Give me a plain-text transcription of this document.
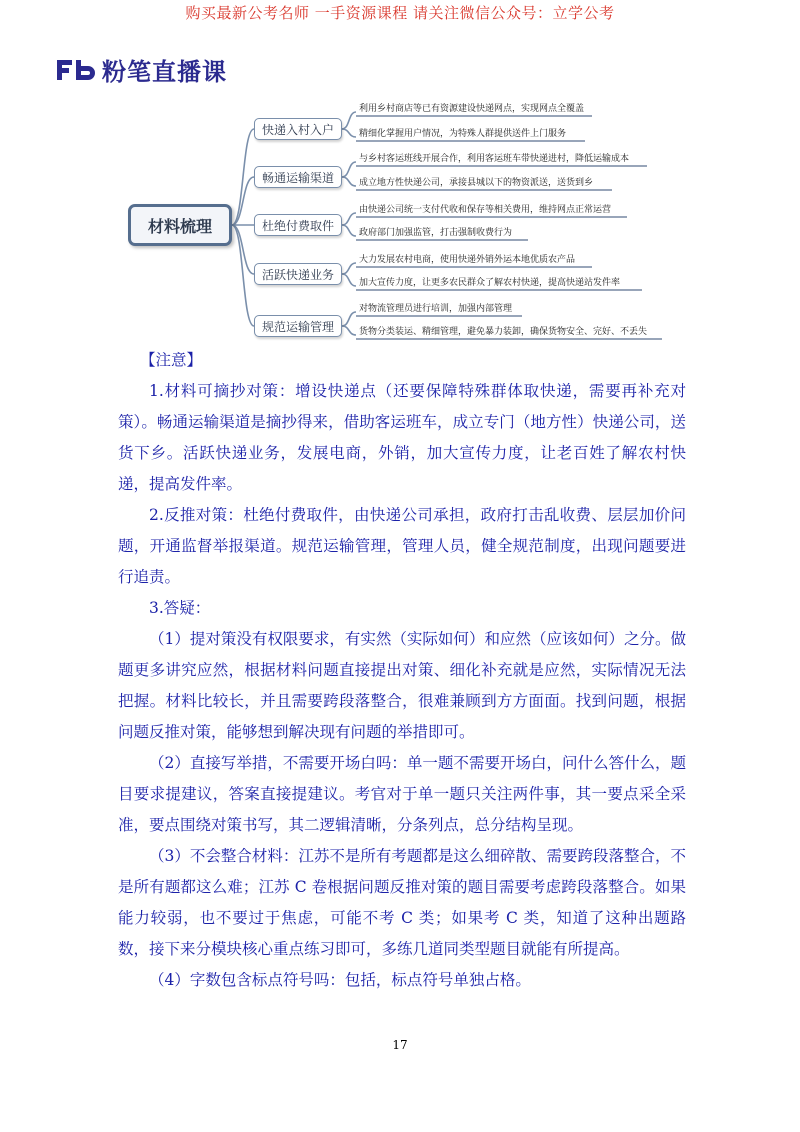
购买最新公考名师 一手资源课程 请关注微信公众号：立学公考
粉笔直播课
材料梳理
快递入村入户
畅通运输渠道
杜绝付费取件
活跃快递业务
规范运输管理
利用乡村商店等已有资源建设快递网点，实现网点全覆盖
精细化掌握用户情况，为特殊人群提供送件上门服务
与乡村客运班线开展合作，利用客运班车带快递进村，降低运输成本
成立地方性快递公司，承接县城以下的物资派送，送货到乡
由快递公司统一支付代收和保存等相关费用，维持网点正常运营
政府部门加强监管，打击强制收费行为
大力发展农村电商，使用快递外销外运本地优质农产品
加大宣传力度，让更多农民群众了解农村快递，提高快递站发件率
对物流管理员进行培训，加强内部管理
货物分类装运、精细管理，避免暴力装卸，确保货物安全、完好、不丢失

【注意】

1.材料可摘抄对策：增设快递点（还要保障特殊群体取快递，需要再补充对策）。畅通运输渠道是摘抄得来，借助客运班车，成立专门（地方性）快递公司，送货下乡。活跃快递业务，发展电商，外销，加大宣传力度，让老百姓了解农村快递，提高发件率。

2.反推对策：杜绝付费取件，由快递公司承担，政府打击乱收费、层层加价问题，开通监督举报渠道。规范运输管理，管理人员，健全规范制度，出现问题要进行追责。

3.答疑：

（1）提对策没有权限要求，有实然（实际如何）和应然（应该如何）之分。做题更多讲究应然，根据材料问题直接提出对策、细化补充就是应然，实际情况无法把握。材料比较长，并且需要跨段落整合，很难兼顾到方方面面。找到问题，根据问题反推对策，能够想到解决现有问题的举措即可。

（2）直接写举措，不需要开场白吗：单一题不需要开场白，问什么答什么，题目要求提建议，答案直接提建议。考官对于单一题只关注两件事，其一要点采全采准，要点围绕对策书写，其二逻辑清晰，分条列点，总分结构呈现。

（3）不会整合材料：江苏不是所有考题都是这么细碎散、需要跨段落整合，不是所有题都这么难；江苏 C 卷根据问题反推对策的题目需要考虑跨段落整合。如果能力较弱，也不要过于焦虑，可能不考 C 类；如果考 C 类，知道了这种出题路数，接下来分模块核心重点练习即可，多练几道同类型题目就能有所提高。

（4）字数包含标点符号吗：包括，标点符号单独占格。

17
